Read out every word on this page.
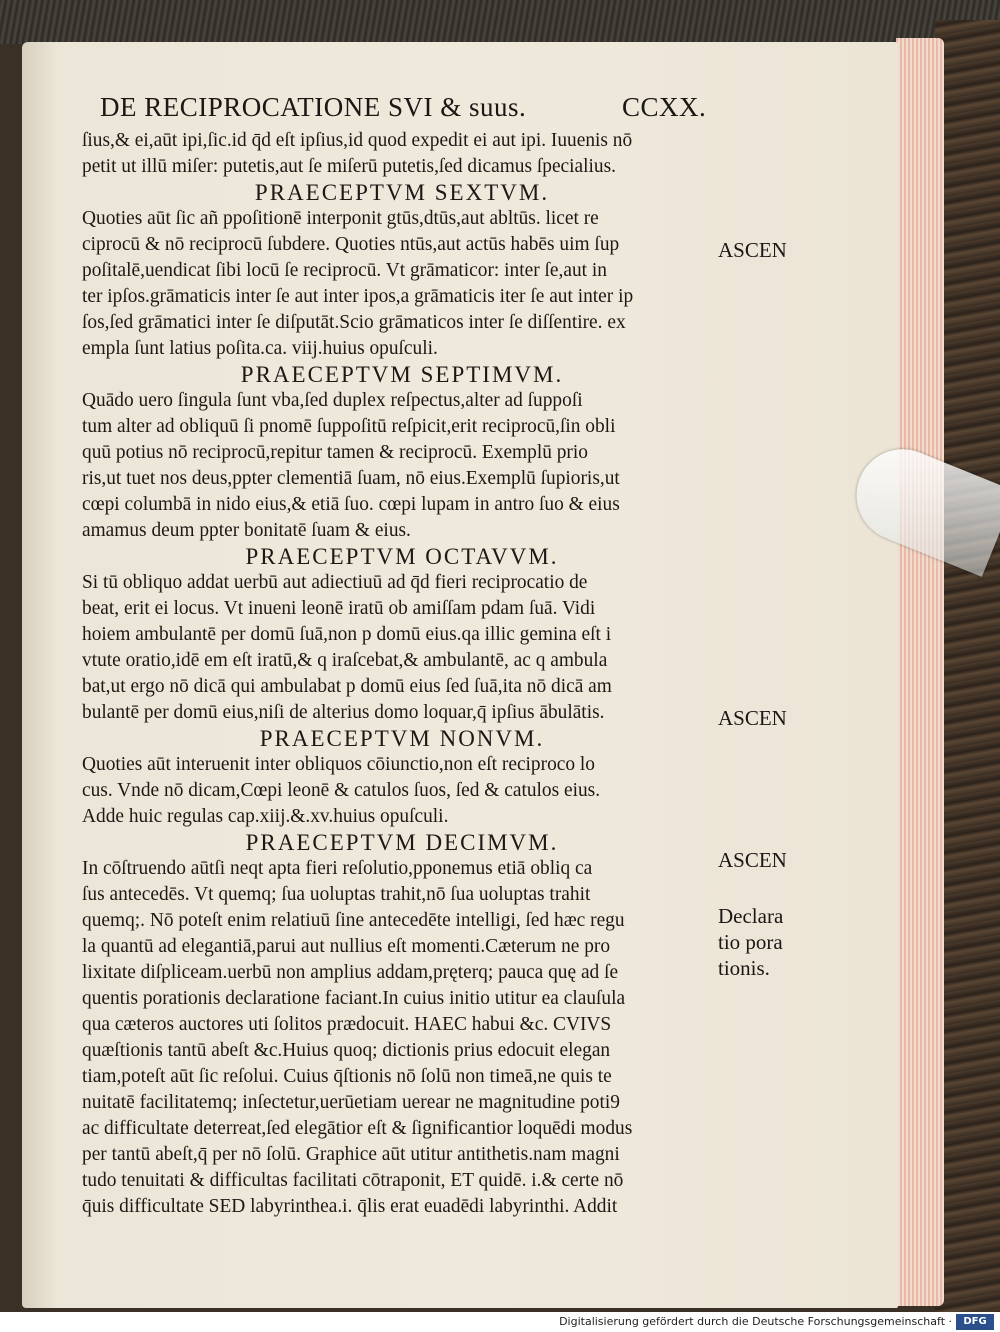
DE RECIPROCATIONE SVI & suus.	CCXX.
ſius,& ei,aūt ipi,ſic.id q̄d eſt ipſius,id quod expedit ei aut ipi. Iuuenis nō
petit ut illū miſer: putetis,aut ſe miſerū putetis,ſed dicamus ſpecialius.
PRAECEPTVM SEXTVM.
Quoties aūt ſic añ ppoſitionē interponit gtūs,dtūs,aut abltūs. licet re
ciprocū & nō reciprocū ſubdere. Quoties ntūs,aut actūs habēs uim ſup
poſitalē,uendicat ſibi locū ſe reciprocū. Vt grāmaticor: inter ſe,aut in
ter ipſos.grāmaticis inter ſe aut inter ipos,a grāmaticis iter ſe aut inter ip
ſos,ſed grāmatici inter ſe diſputāt.Scio grāmaticos inter ſe diſſentire. ex
empla ſunt latius poſita.ca. viij.huius opuſculi.
PRAECEPTVM SEPTIMVM.
Quādo uero ſingula ſunt vba,ſed duplex reſpectus,alter ad ſuppoſi
tum alter ad obliquū ſi pnomē ſuppoſitū reſpicit,erit reciprocū,ſin obli
quū potius nō reciprocū,repitur tamen & reciprocū. Exemplū prio
ris,ut tuet nos deus,ppter clementiā ſuam, nō eius.Exemplū ſupioris,ut
cœpi columbā in nido eius,& etiā ſuo. cœpi lupam in antro ſuo & eius
amamus deum ppter bonitatē ſuam & eius.
PRAECEPTVM OCTAVVM.
Si tū obliquo addat uerbū aut adiectiuū ad q̄d fieri reciprocatio de
beat, erit ei locus. Vt inueni leonē iratū ob amiſſam pdam ſuā. Vidi
hoiem ambulantē per domū ſuā,non p domū eius.qa illic gemina eſt i
vtute oratio,idē em eſt iratū,& q iraſcebat,& ambulantē, ac q ambula
bat,ut ergo nō dicā qui ambulabat p domū eius ſed ſuā,ita nō dicā am
bulantē per domū eius,niſi de alterius domo loquar,q̄ ipſius ābulātis.
PRAECEPTVM NONVM.
Quoties aūt interuenit inter obliquos cōiunctio,non eſt reciproco lo
cus. Vnde nō dicam,Cœpi leonē & catulos ſuos, ſed & catulos eius.
Adde huic regulas cap.xiij.&.xv.huius opuſculi.
PRAECEPTVM DECIMVM.
In cōſtruendo aūtſi neqt apta fieri reſolutio,pponemus etiā obliq ca
ſus antecedēs. Vt quemq; ſua uoluptas trahit,nō ſua uoluptas trahit
quemq;. Nō poteſt enim relatiuū ſine antecedēte intelligi, ſed hæc regu
la quantū ad elegantiā,parui aut nullius eſt momenti.Cæterum ne pro
lixitate diſpliceam.uerbū non amplius addam,pręterq; pauca quę ad ſe
quentis porationis declaratione faciant.In cuius initio utitur ea clauſula
qua cæteros auctores uti ſolitos prædocuit. HAEC habui &c. CVIVS
quæſtionis tantū abeſt &c.Huius quoq; dictionis prius edocuit elegan
tiam,poteſt aūt ſic reſolui. Cuius q̄ſtionis nō ſolū non timeā,ne quis te
nuitatē facilitatemq; inſectetur,uerūetiam uerear ne magnitudine poti9
ac difficultate deterreat,ſed elegātior eſt & ſignificantior loquēdi modus
per tantū abeſt,q̄ per nō ſolū. Graphice aūt utitur antithetis.nam magni
tudo tenuitati & difficultas facilitati cōtraponit, ET quidē. i.& certe nō
q̄uis difficultate SED labyrinthea.i. q̄lis erat euadēdi labyrinthi. Addit
ASCEN
ASCEN
ASCEN
Declara
tio pora
tionis.
Digitalisierung gefördert durch die Deutsche Forschungsgemeinschaft ·	DFG
